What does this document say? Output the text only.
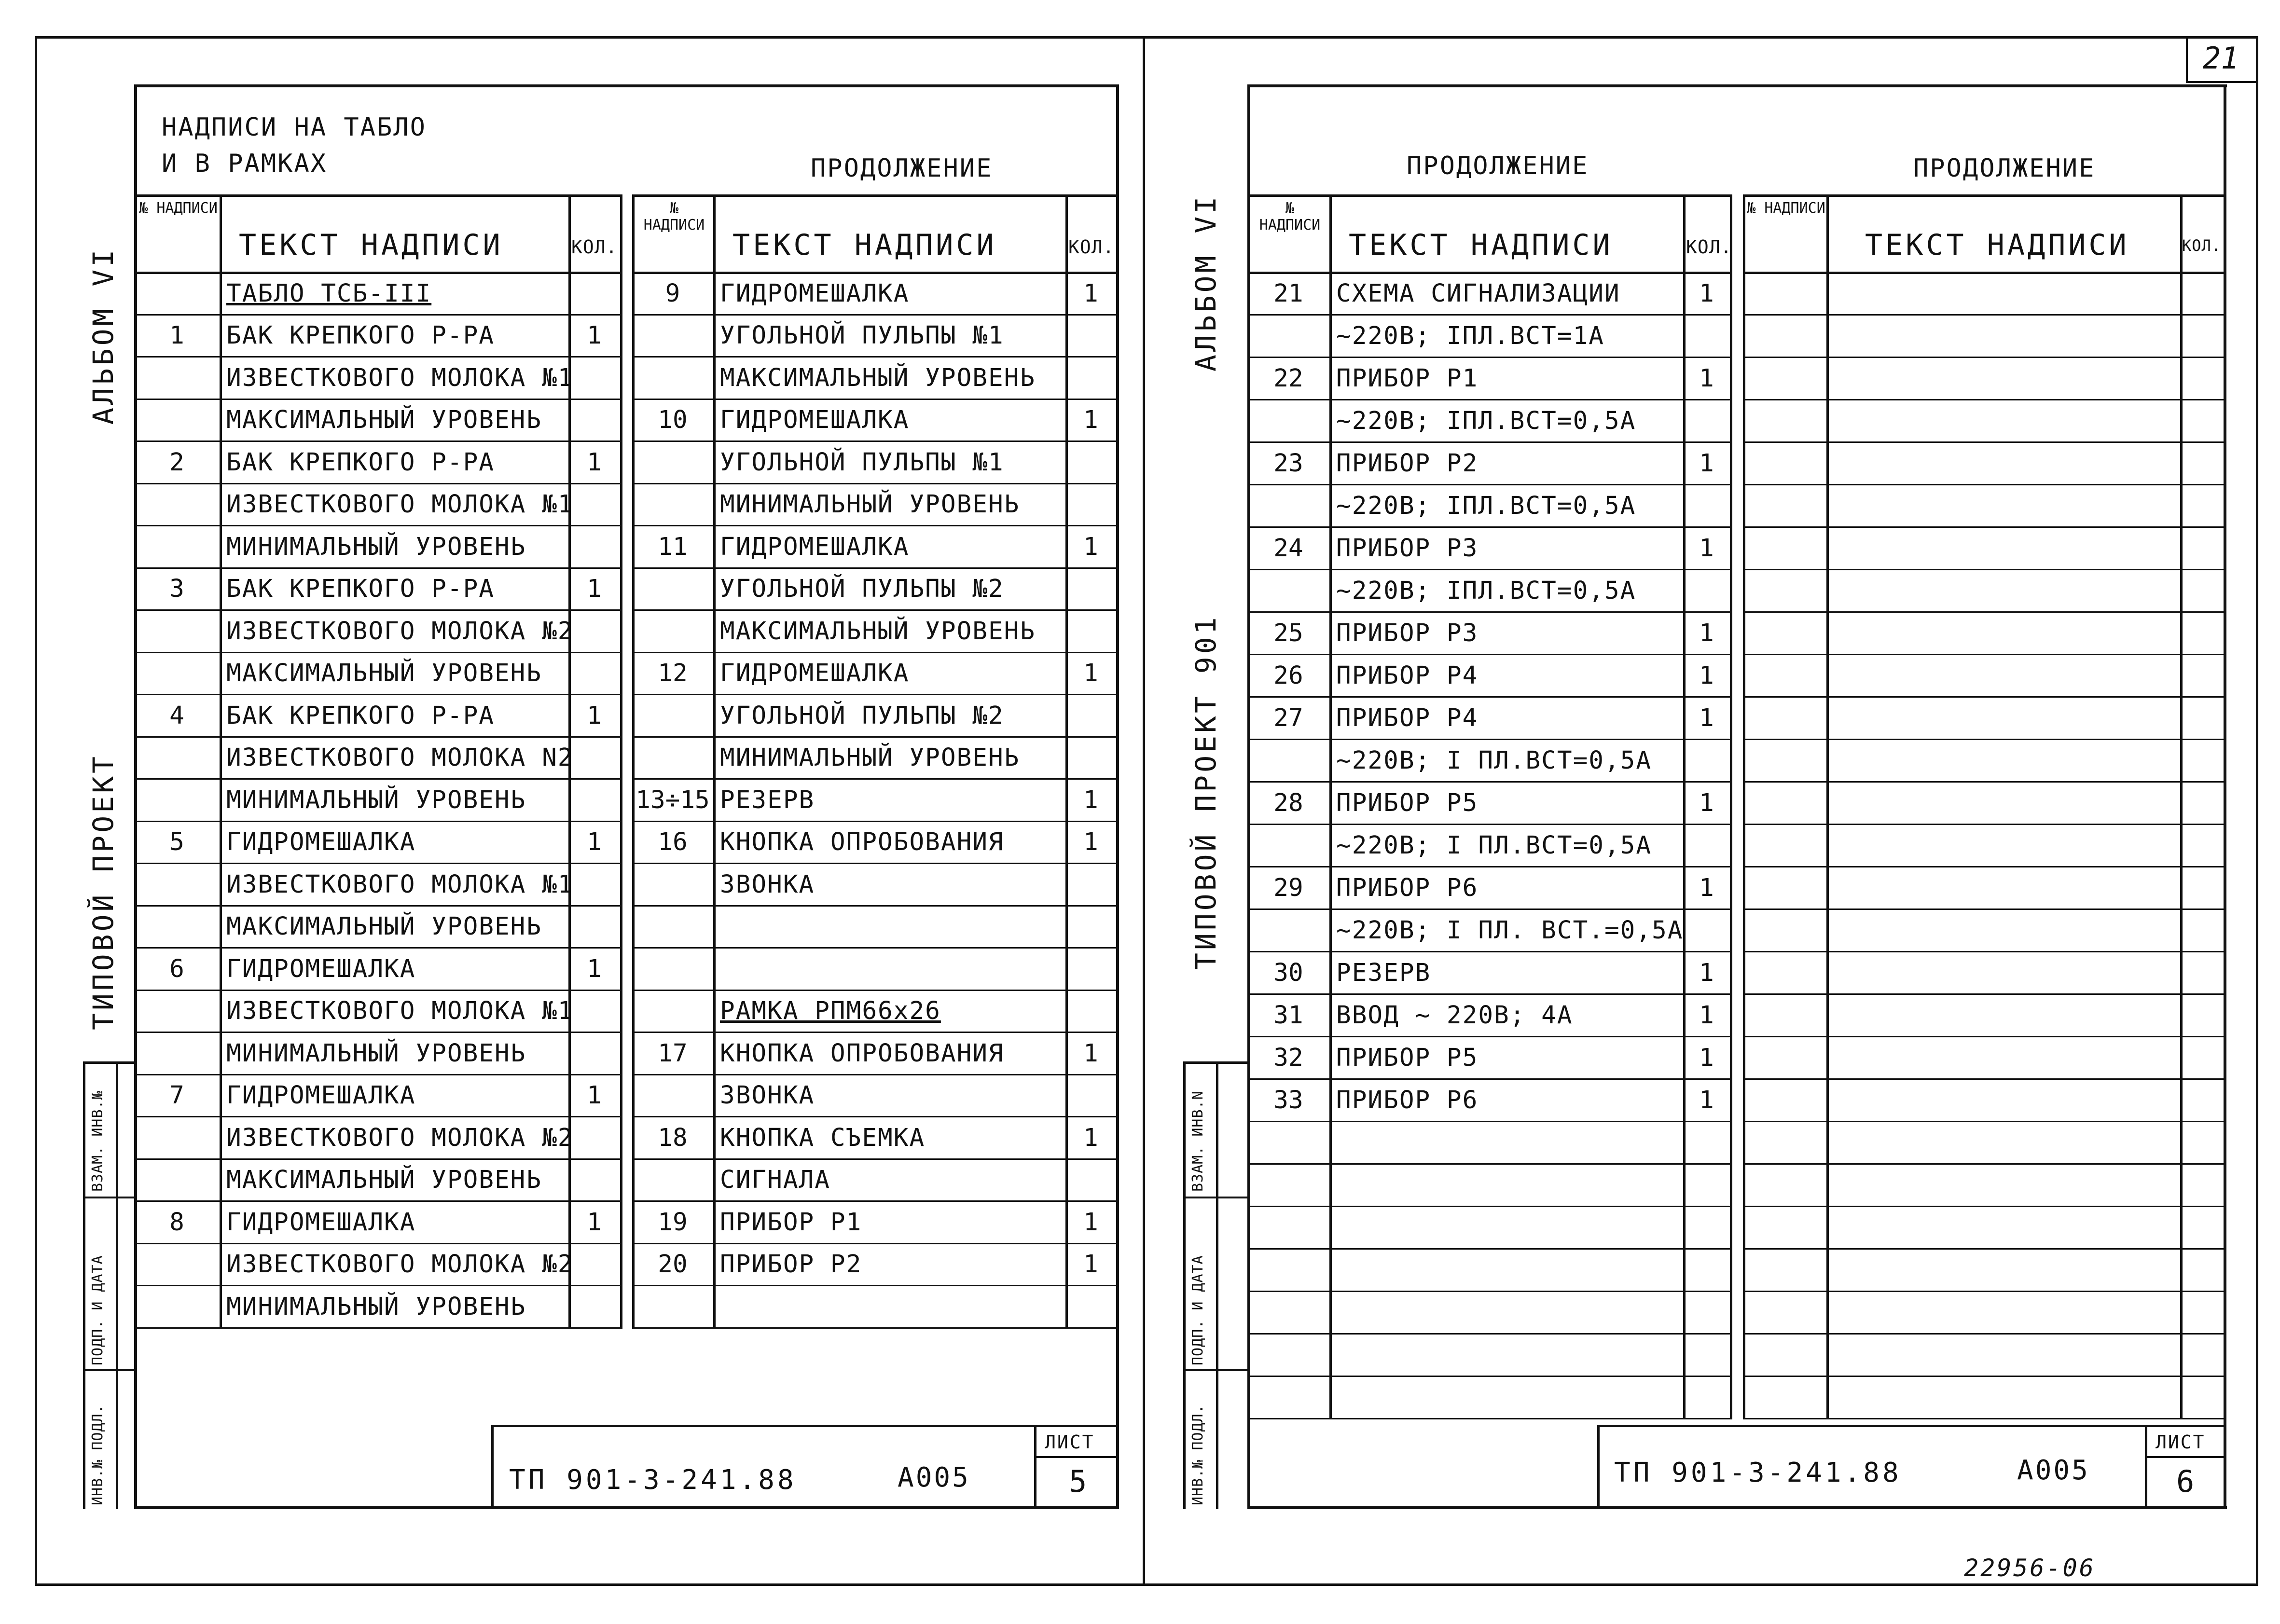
21
22956-06
НАДПИСИ НА ТАБЛО
И В РАМКАХ	ПРОДОЛЖЕНИЕ
№ НАДПИСИ
ТЕКСТ НАДПИСИ	КОЛ.
ТАБЛО ТСБ-III
1	БАК КРЕПКОГО Р-РА	1
ИЗВЕСТКОВОГО МОЛОКА №1
МАКСИМАЛЬНЫЙ УРОВЕНЬ
2	БАК КРЕПКОГО Р-РА	1
ИЗВЕСТКОВОГО МОЛОКА №1
МИНИМАЛЬНЫЙ УРОВЕНЬ
3	БАК КРЕПКОГО Р-РА	1
ИЗВЕСТКОВОГО МОЛОКА №2
МАКСИМАЛЬНЫЙ УРОВЕНЬ
4	БАК КРЕПКОГО Р-РА	1
ИЗВЕСТКОВОГО МОЛОКА N2
МИНИМАЛЬНЫЙ УРОВЕНЬ
5	ГИДРОМЕШАЛКА	1
ИЗВЕСТКОВОГО МОЛОКА №1
МАКСИМАЛЬНЫЙ УРОВЕНЬ
6	ГИДРОМЕШАЛКА	1
ИЗВЕСТКОВОГО МОЛОКА №1
МИНИМАЛЬНЫЙ УРОВЕНЬ
7	ГИДРОМЕШАЛКА	1
ИЗВЕСТКОВОГО МОЛОКА №2
МАКСИМАЛЬНЫЙ УРОВЕНЬ
8	ГИДРОМЕШАЛКА	1
ИЗВЕСТКОВОГО МОЛОКА №2
МИНИМАЛЬНЫЙ УРОВЕНЬ
№ НАДПИСИ
ТЕКСТ НАДПИСИ	КОЛ.
9	ГИДРОМЕШАЛКА	1
УГОЛЬНОЙ ПУЛЬПЫ №1
МАКСИМАЛЬНЫЙ УРОВЕНЬ
10	ГИДРОМЕШАЛКА	1
УГОЛЬНОЙ ПУЛЬПЫ №1
МИНИМАЛЬНЫЙ УРОВЕНЬ
11	ГИДРОМЕШАЛКА	1
УГОЛЬНОЙ ПУЛЬПЫ №2
МАКСИМАЛЬНЫЙ УРОВЕНЬ
12	ГИДРОМЕШАЛКА	1
УГОЛЬНОЙ ПУЛЬПЫ №2
МИНИМАЛЬНЫЙ УРОВЕНЬ
13÷15 РЕЗЕРВ	1
16	КНОПКА ОПРОБОВАНИЯ	1
ЗВОНКА
РАМКА РПМ66х26
17	КНОПКА ОПРОБОВАНИЯ	1
ЗВОНКА
18	КНОПКА СЪЕМКА	1
СИГНАЛА
19	ПРИБОР Р1	1
20	ПРИБОР Р2	1
ТП 901-3-241.88	А005
ЛИСТ
5
АЛЬБОМ VI
ТИПОВОЙ ПРОЕКТ
ИНВ.№ ПОДЛ.
ПОДП. И ДАТА
ВЗАМ. ИНВ.№
ПРОДОЛЖЕНИЕ	ПРОДОЛЖЕНИЕ
№ НАДПИСИ
ТЕКСТ НАДПИСИ	КОЛ.
21	СХЕМА СИГНАЛИЗАЦИИ	1
~220В; IПЛ.ВСТ=1А
22	ПРИБОР Р1	1
~220В; IПЛ.ВСТ=0,5А
23	ПРИБОР Р2	1
~220В; IПЛ.ВСТ=0,5А
24	ПРИБОР Р3	1
~220В; IПЛ.ВСТ=0,5А
25	ПРИБОР Р3	1
26	ПРИБОР Р4	1
27	ПРИБОР Р4	1
~220В; I ПЛ.ВСТ=0,5А
28	ПРИБОР Р5	1
~220В; I ПЛ.ВСТ=0,5А
29	ПРИБОР Р6	1
~220В; I ПЛ. ВСТ.=0,5А
30	РЕЗЕРВ	1
31	ВВОД ~ 220В; 4А	1
32	ПРИБОР Р5	1
33	ПРИБОР Р6	1
№ НАДПИСИ
ТЕКСТ НАДПИСИ	КОЛ.
ТП 901-3-241.88	А005
ЛИСТ
6
АЛЬБОМ VI
ТИПОВОЙ ПРОЕКТ 901
ИНВ.№ ПОДЛ.
ПОДП. И ДАТА
ВЗАМ. ИНВ.N
